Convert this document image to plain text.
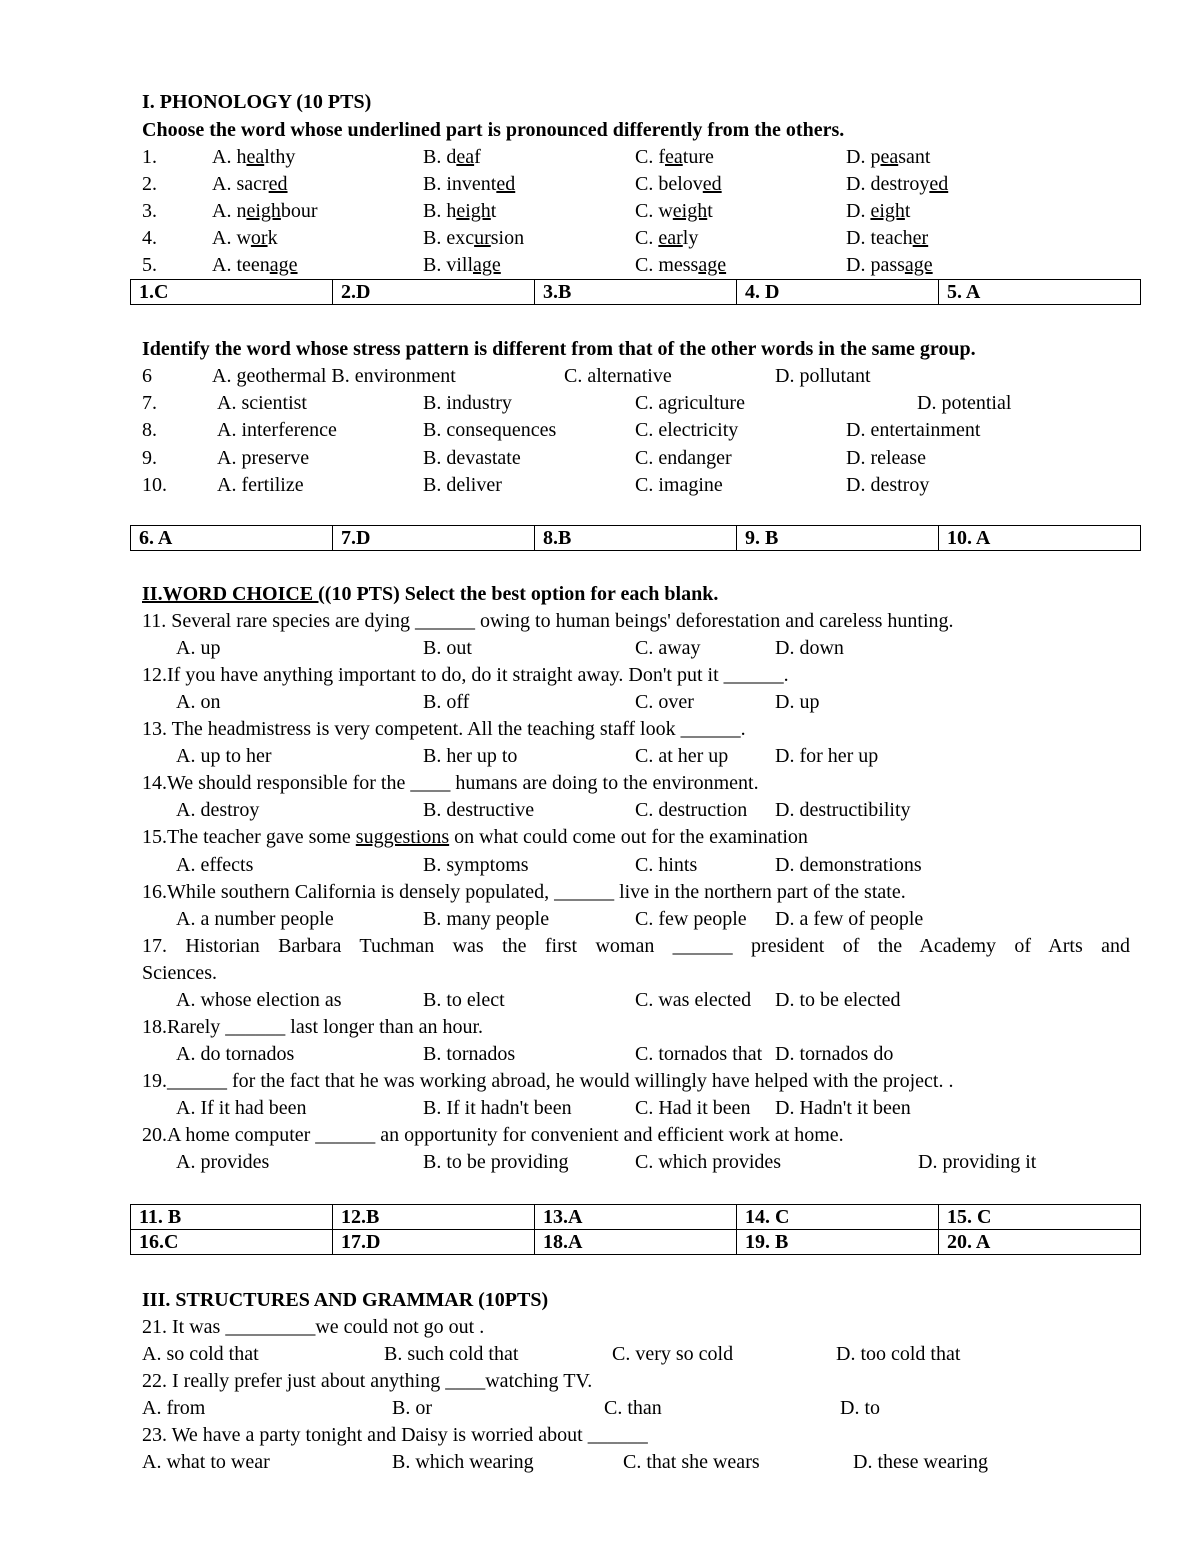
I. PHONOLOGY (10 PTS)
Choose the word whose underlined part is pronounced differently from the others.
1.	A. healthy	B. deaf	C. feature	D. peasant
2.	A. sacred	B. invented	C. beloved	D. destroyed
3.	A. neighbour	B. height	C. weight	D. eight
4.	A. work	B. excursion	C. early	D. teacher
5.	A. teenage	B. village	C. message	D. passage
1.C	2.D	3.B	4. D	5. A
Identify the word whose stress pattern is different from that of the other words in the same group.
6	A. geothermal B. environment	C. alternative	D. pollutant
7.	A. scientist	B. industry	C. agriculture	D. potential
8.	A. interference	B. consequences	C. electricity	D. entertainment
9.	A. preserve	B. devastate	C. endanger	D. release
10.	A. fertilize	B. deliver	C. imagine	D. destroy
6. A	7.D	8.B	9. B	10. A
II.WORD CHOICE ((10 PTS) Select the best option for each blank.
11. Several rare species are dying ______ owing to human beings' deforestation and careless hunting.
A. up	B. out	C. away	D. down
12.If you have anything important to do, do it straight away. Don't put it ______.
A. on	B. off	C. over	D. up
13. The headmistress is very competent. All the teaching staff look ______.
A. up to her	B. her up to	C. at her up D. for her up
14.We should responsible for the ____ humans are doing to the environment.
A. destroy	B. destructive	C. destruction D. destructibility
15.The teacher gave some suggestions on what could come out for the examination
A. effects	B. symptoms	C. hints	D. demonstrations
16.While southern California is densely populated, ______ live in the northern part of the state.
A. a number people	B. many people	C. few people D. a few of people
17. Historian Barbara Tuchman was the first woman ______ president of the Academy of Arts and
Sciences.
A. whose election as	B. to elect	C. was elected D. to be elected
18.Rarely ______ last longer than an hour.
A. do tornados	B. tornados	C. tornados that D. tornados do
19.______ for the fact that he was working abroad, he would willingly have helped with the project. .
A. If it had been	B. If it hadn't been	C. Had it been D. Hadn't it been
20.A home computer ______ an opportunity for convenient and efficient work at home.
A. provides	B. to be providing	C. which provides	D. providing it
11. B	12.B	13.A	14. C	15. C
16.C	17.D	18.A	19. B	20. A
III. STRUCTURES AND GRAMMAR (10PTS)
21. It was _________we could not go out .
A. so cold that	B. such cold that	C. very so cold	D. too cold that
22. I really prefer just about anything ____watching TV.
A. from	B. or	C. than	D. to
23. We have a party tonight and Daisy is worried about ______
A. what to wear	B. which wearing	C. that she wears	D. these wearing
